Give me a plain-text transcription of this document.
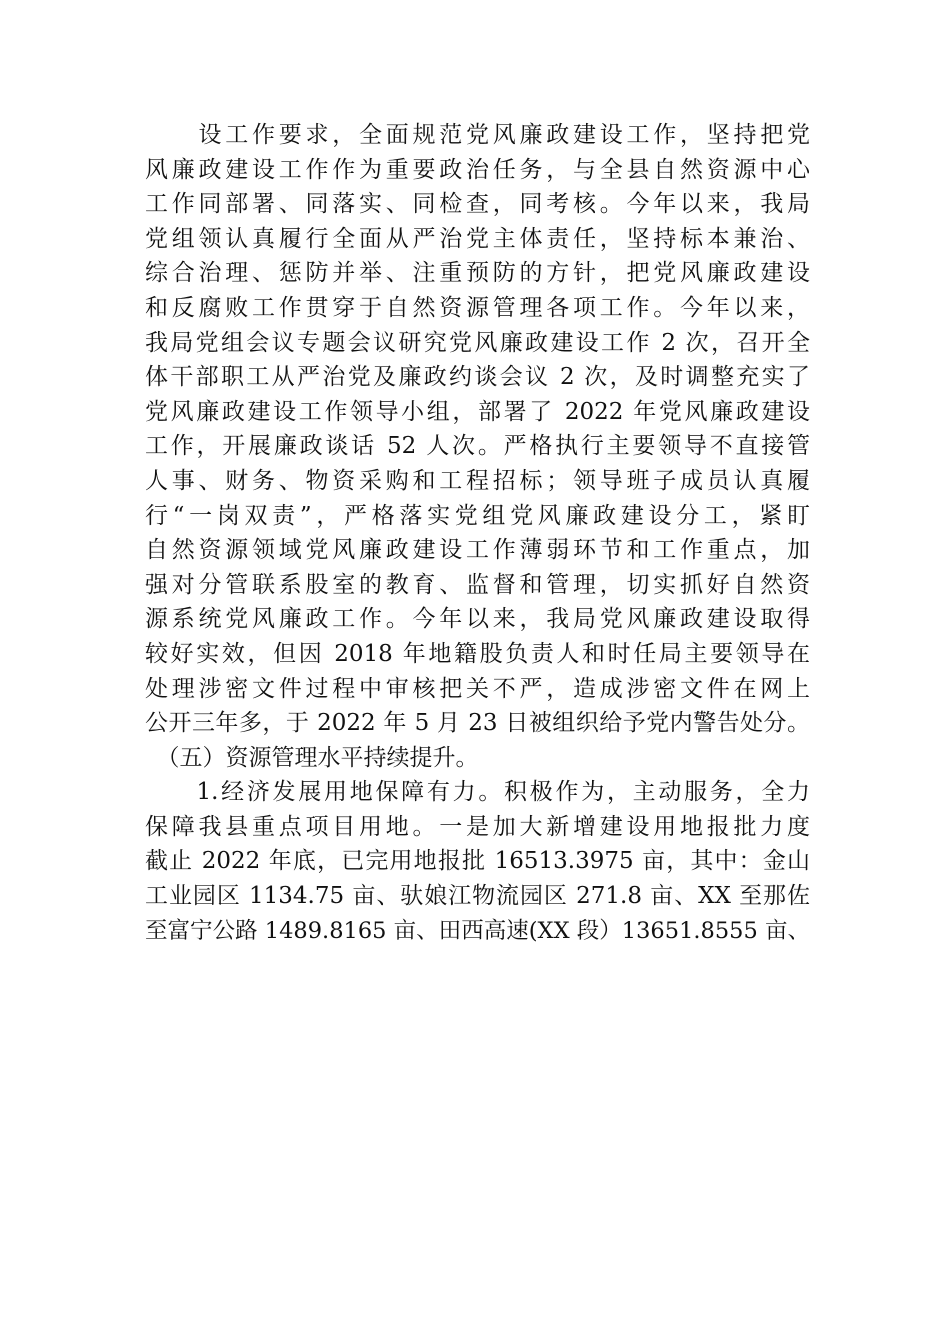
　　设工作要求，全面规范党风廉政建设工作，坚持把党
风廉政建设工作作为重要政治任务，与全县自然资源中心
工作同部署、同落实、同检查，同考核。今年以来，我局
党组领认真履行全面从严治党主体责任，坚持标本兼治、
综合治理、惩防并举、注重预防的方针，把党风廉政建设
和反腐败工作贯穿于自然资源管理各项工作。今年以来，
我局党组会议专题会议研究党风廉政建设工作 2 次，召开全
体干部职工从严治党及廉政约谈会议 2 次，及时调整充实了
党风廉政建设工作领导小组，部署了 2022 年党风廉政建设
工作，开展廉政谈话 52 人次。严格执行主要领导不直接管
人事、财务、物资采购和工程招标；领导班子成员认真履
行“一岗双责”，严格落实党组党风廉政建设分工，紧盯
自然资源领域党风廉政建设工作薄弱环节和工作重点，加
强对分管联系股室的教育、监督和管理，切实抓好自然资
源系统党风廉政工作。今年以来，我局党风廉政建设取得
较好实效，但因 2018 年地籍股负责人和时任局主要领导在
处理涉密文件过程中审核把关不严，造成涉密文件在网上
公开三年多，于 2022 年 5 月 23 日被组织给予党内警告处分。
　（五）资源管理水平持续提升。
　　1.经济发展用地保障有力。积极作为，主动服务，全力
保障我县重点项目用地。一是加大新增建设用地报批力度
截止 2022 年底，已完用地报批 16513.3975 亩，其中：金山
工业园区 1134.75 亩、驮娘江物流园区 271.8 亩、XX 至那佐
至富宁公路 1489.8165 亩、田西高速(XX 段）13651.8555 亩、
